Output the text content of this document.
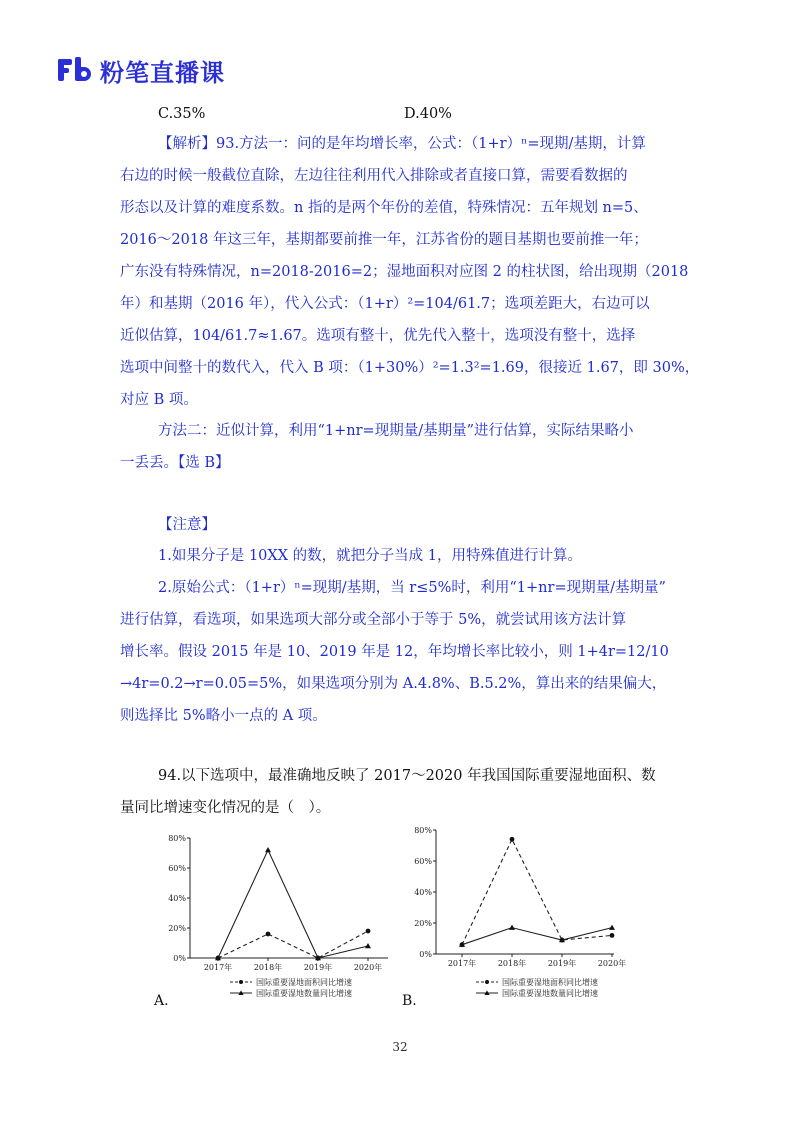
粉笔直播课
C.35%	D.40%
【解析】93.方法一：问的是年均增长率，公式：（1+r）ⁿ=现期/基期，计算
右边的时候一般截位直除，左边往往利用代入排除或者直接口算，需要看数据的
形态以及计算的难度系数。n 指的是两个年份的差值，特殊情况：五年规划 n=5、
2016～2018 年这三年，基期都要前推一年，江苏省份的题目基期也要前推一年；
广东没有特殊情况，n=2018-2016=2；湿地面积对应图 2 的柱状图，给出现期（2018
年）和基期（2016 年），代入公式：（1+r）²=104/61.7；选项差距大，右边可以
近似估算，104/61.7≈1.67。选项有整十，优先代入整十，选项没有整十，选择
选项中间整十的数代入，代入 B 项：（1+30%）²=1.3²=1.69，很接近 1.67，即 30%，
对应 B 项。
方法二：近似计算，利用“1+nr=现期量/基期量”进行估算，实际结果略小
一丢丢。【选 B】
【注意】
1.如果分子是 10XX 的数，就把分子当成 1，用特殊值进行计算。
2.原始公式：（1+r）ⁿ=现期/基期，当 r≤5%时，利用“1+nr=现期量/基期量”
进行估算，看选项，如果选项大部分或全部小于等于 5%，就尝试用该方法计算
增长率。假设 2015 年是 10、2019 年是 12，年均增长率比较小，则 1+4r=12/10
→4r=0.2→r=0.05=5%，如果选项分别为 A.4.8%、B.5.2%，算出来的结果偏大，
则选择比 5%略小一点的 A 项。
94.以下选项中，最准确地反映了 2017～2020 年我国国际重要湿地面积、数
量同比增速变化情况的是（　）。
0%
20%
40%
60%
80%
2017年	2018年	2019年	2020年
国际重要湿地面积同比增速
国际重要湿地数量同比增速
A.
0%
20%
40%
60%
80%
2017年	2018年	2019年	2020年
国际重要湿地面积同比增速
国际重要湿地数量同比增速
B.
32
